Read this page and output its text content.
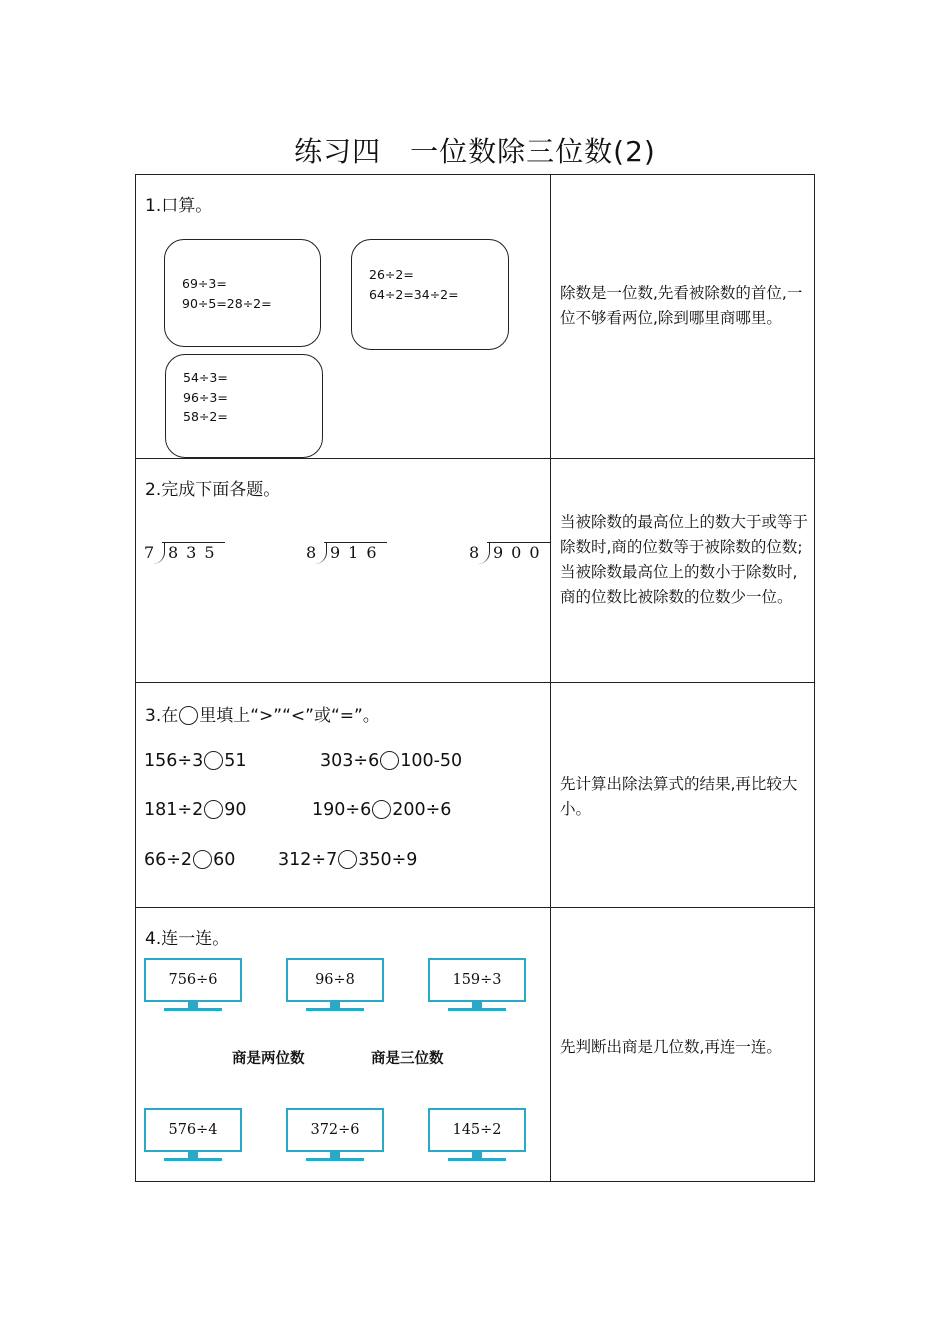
练习四　一位数除三位数(2)
1.口算。
69÷3=
90÷5=28÷2=
26÷2=
64÷2=34÷2=
54÷3=
96÷3=
58÷2=
除数是一位数,先看被除数的首位,一位不够看两位,除到哪里商哪里。
2.完成下面各题。
7 835	8 916	8 900
当被除数的最高位上的数大于或等于除数时,商的位数等于被除数的位数;当被除数最高位上的数小于除数时,商的位数比被除数的位数少一位。
3.在 里填上“>”“<”或“=”。
156÷3 51	303÷6 100-50
181÷2 90	190÷6 200÷6
66÷2 60 312÷7 350÷9
先计算出除法算式的结果,再比较大小。
4.连一连。
756÷6	96÷8	159÷3
商是两位数	商是三位数
576÷4	372÷6	145÷2
先判断出商是几位数,再连一连。
